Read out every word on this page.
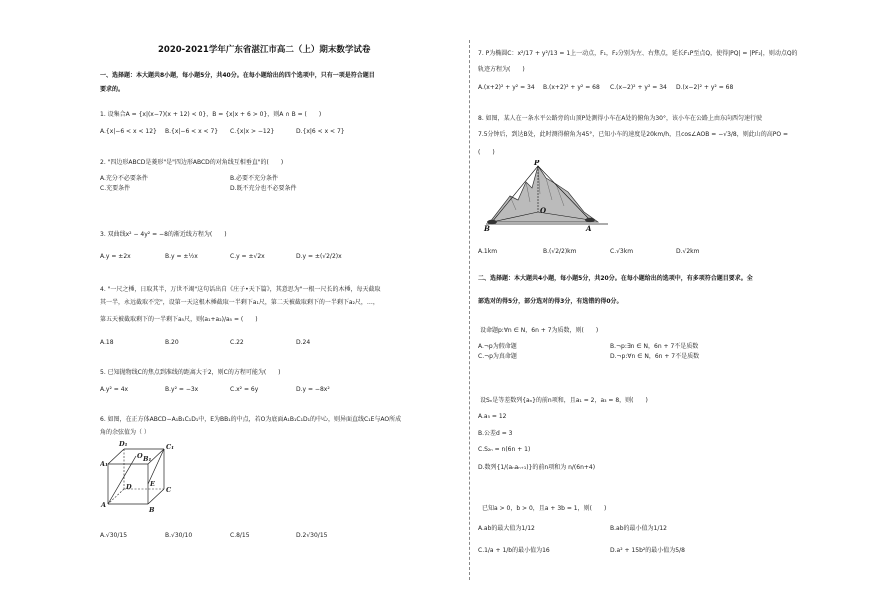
2020-2021学年广东省湛江市高二（上）期末数学试卷
一、选择题：本大题共8小题，每小题5分，共40分。在每小题给出的四个选项中，只有一项是符合题目
要求的。
1. 设集合A = {x|(x−7)(x + 12) < 0}，B = {x|x + 6 > 0}，则A ∩ B = (　　)
A.{x|−6 < x < 12} B.{x|−6 < x < 7} C.{x|x > −12}	D.{x|6 < x < 7}
2. "四边形ABCD是菱形"是"四边形ABCD的对角线互相垂直"的(　　)
A.充分不必要条件	B.必要不充分条件
C.充要条件	D.既不充分也不必要条件
3. 双曲线x² − 4y² = −8的渐近线方程为(　　)
A.y = ±2x	B.y = ±½x	C.y = ±√2x	D.y = ±(√2/2)x
4. "一尺之棰，日取其半，万世不竭"这句话出自《庄子•天下篇》，其意思为"一根一尺长的木棰，每天截取
其一半，永远截取不完"，设第一天这根木棰截取一半剩下a₁尺，第二天被截取剩下的一半剩下a₂尺，…，
第五天被截取剩下的一半剩下a₅尺，则(a₁+a₂)/a₅ = (　　)
A.18	B.20	C.22	D.24
5. 已知抛物线C的焦点到准线的距离大于2，则C的方程可能为(　　)
A.y² = 4x	B.y² = −3x	C.x² = 6y	D.y = −8x²
6. 如图，在正方体ABCD−A₁B₁C₁D₁中，E为BB₁的中点，若O为底面A₁B₁C₁D₁的中心，则异面直线C₁E与AO所成
角的余弦值为（ ）
D₁	C₁
A₁
B₁
D	C
A
B
E
O
A.√30/15	B.√30/10	C.8/15	D.2√30/15
7. P为椭圆C：x²/17 + y²/13 = 1上一动点，F₁，F₂分别为左、右焦点，延长F₁P至点Q，使得|PQ| = |PF₂|，则动点Q的
轨迹方程为(　　)
A.(x+2)² + y² = 34 B.(x+2)² + y² = 68 C.(x−2)² + y² = 34 D.(x−2)² + y² = 68
8. 如图，某人在一条水平公路旁的山顶P处测得小车在A处的俯角为30°，该小车在公路上由东向西匀速行驶
7.5分钟后，到达B处，此时测得俯角为45°，已知小车的速度是20km/h，且cos∠AOB = −√3/8，则此山的高PO =
(　　)
P
O
A
B
A.1km	B.(√2/2)km	C.√3km	D.√2km
二、选择题：本大题共4小题，每小题5分，共20分。在每小题给出的选项中，有多项符合题目要求。全
部选对的得5分，部分选对的得3分，有选错的得0分。
设命题p:∀n ∈ N，6n + 7为质数，则(　　)
A.¬p为假命题	B.¬p:∃n ∈ N，6n + 7不是质数
C.¬p为真命题	D.¬p:∀n ∈ N，6n + 7不是质数
设Sₙ是等差数列{aₙ}的前n项和，且a₁ = 2，a₃ = 8，则(　　)
A.a₅ = 12
B.公差d = 3
C.S₂ₙ = n(6n + 1)
D.数列{1/(aₙaₙ₊₁)}的前n项和为 n/(6n+4)
已知a > 0，b > 0，且a + 3b = 1，则(　　)
A.ab的最大值为1/12	B.ab的最小值为1/12
C.1/a + 1/b的最小值为16	D.a² + 15b²的最小值为5/8
